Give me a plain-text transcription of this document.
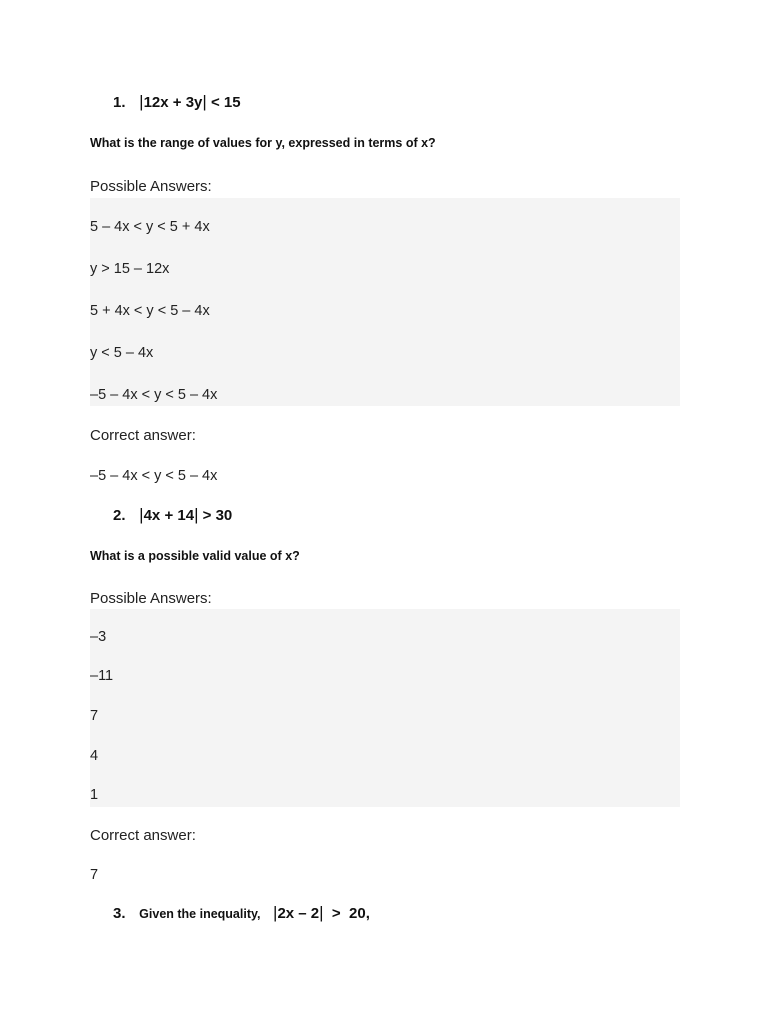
1. |12x + 3y| < 15
What is the range of values for y, expressed in terms of x?
Possible Answers:
5 – 4x < y < 5 + 4x
y > 15 – 12x
5 + 4x < y < 5 – 4x
y < 5 – 4x
–5 – 4x < y < 5 – 4x
Correct answer:
–5 – 4x < y < 5 – 4x
2. |4x + 14| > 30
What is a possible valid value of x?
Possible Answers:
–3
–11
7
4
1
Correct answer:
7
3. Given the inequality, |2x – 2|  >  20,
